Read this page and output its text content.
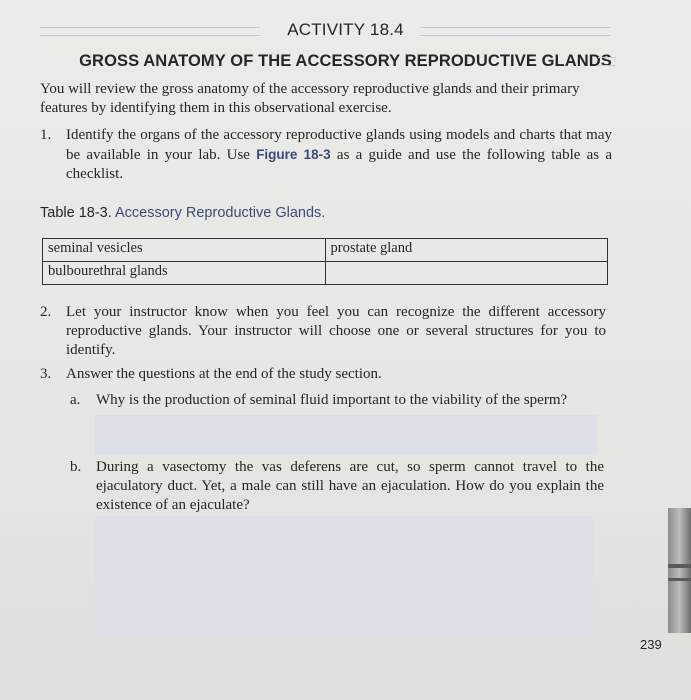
ACTIVITY 18.4
GROSS ANATOMY OF THE ACCESSORY REPRODUCTIVE GLANDS
You will review the gross anatomy of the accessory reproductive glands and their primary features by identifying them in this observational exercise.
1. Identify the organs of the accessory reproductive glands using models and charts that may be available in your lab. Use Figure 18-3 as a guide and use the following table as a checklist.
Table 18-3. Accessory Reproductive Glands.
seminal vesicles	prostate gland
bulbourethral glands	
2. Let your instructor know when you feel you can recognize the different accessory reproductive glands. Your instructor will choose one or several structures for you to identify.
3. Answer the questions at the end of the study section.
a. Why is the production of seminal fluid important to the viability of the sperm?
b. During a vasectomy the vas deferens are cut, so sperm cannot travel to the ejaculatory duct. Yet, a male can still have an ejaculation. How do you explain the existence of an ejaculate?
239
